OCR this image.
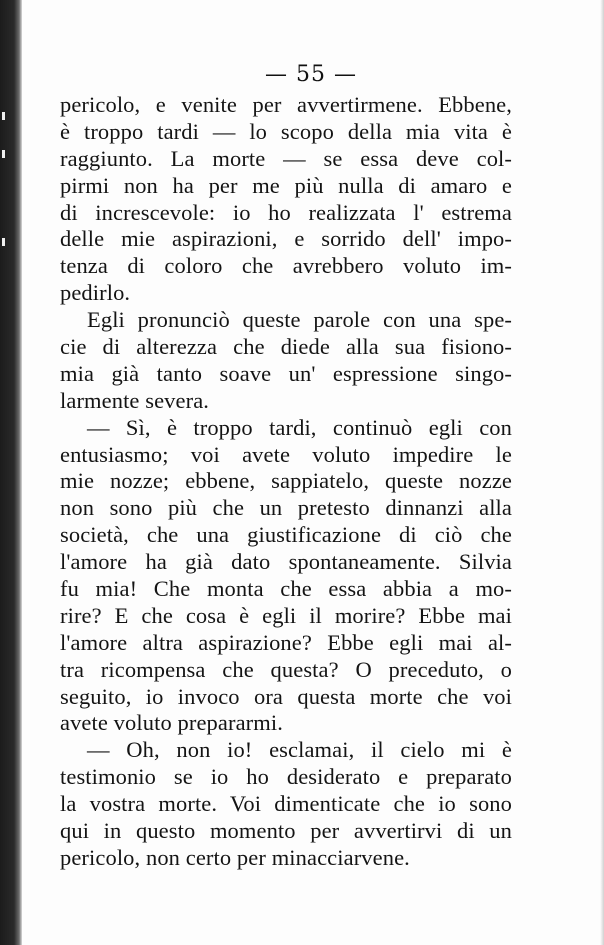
— 55 —
pericolo, e venite per avvertirmene. Ebbene,
è troppo tardi — lo scopo della mia vita è
raggiunto. La morte — se essa deve col-
pirmi non ha per me più nulla di amaro e
di increscevole: io ho realizzata l' estrema
delle mie aspirazioni, e sorrido dell' impo-
tenza di coloro che avrebbero voluto im-
pedirlo.
Egli pronunciò queste parole con una spe-
cie di alterezza che diede alla sua fisiono-
mia già tanto soave un' espressione singo-
larmente severa.
— Sì, è troppo tardi, continuò egli con
entusiasmo; voi avete voluto impedire le
mie nozze; ebbene, sappiatelo, queste nozze
non sono più che un pretesto dinnanzi alla
società, che una giustificazione di ciò che
l'amore ha già dato spontaneamente. Silvia
fu mia! Che monta che essa abbia a mo-
rire? E che cosa è egli il morire? Ebbe mai
l'amore altra aspirazione? Ebbe egli mai al-
tra ricompensa che questa? O preceduto, o
seguito, io invoco ora questa morte che voi
avete voluto prepararmi.
— Oh, non io! esclamai, il cielo mi è
testimonio se io ho desiderato e preparato
la vostra morte. Voi dimenticate che io sono
qui in questo momento per avvertirvi di un
pericolo, non certo per minacciarvene.
